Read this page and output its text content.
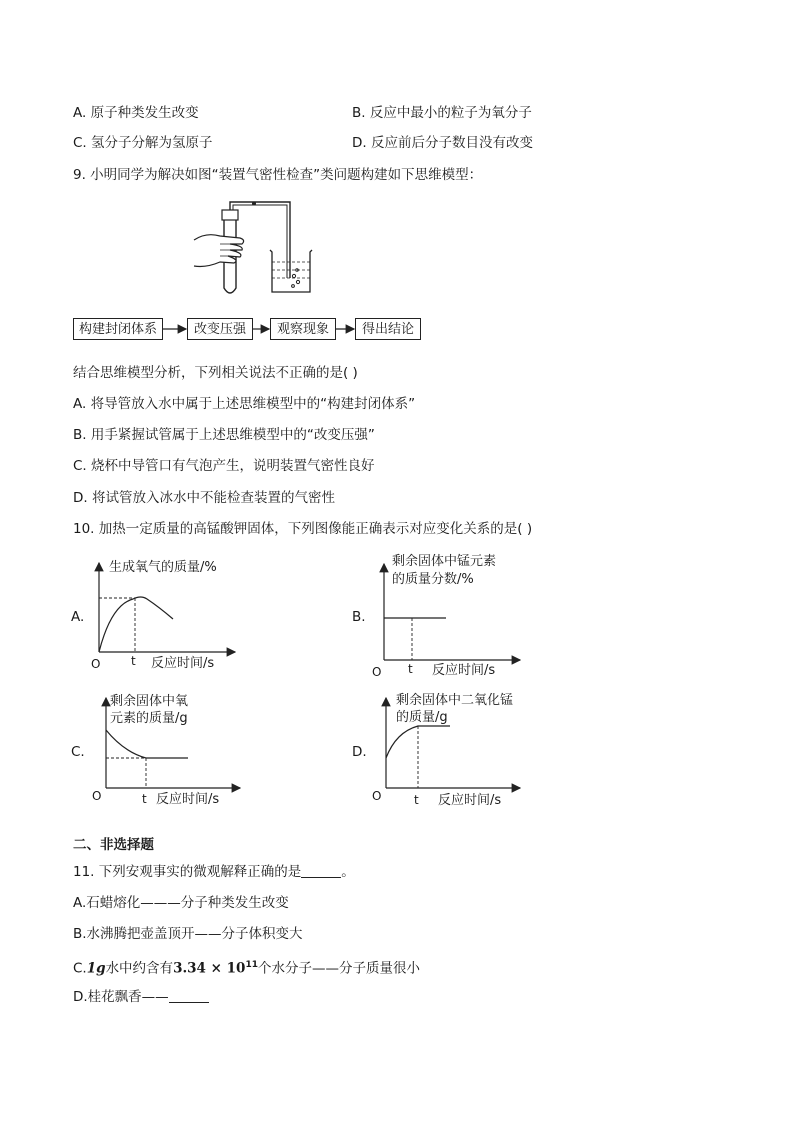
A. 原子种类发生改变	B. 反应中最小的粒子为氧分子
C. 氢分子分解为氢原子	D. 反应前后分子数目没有改变
9. 小明同学为解决如图“装置气密性检查”类问题构建如下思维模型：
构建封闭体系	改变压强	观察现象	得出结论
结合思维模型分析，下列相关说法不正确的是( )
A. 将导管放入水中属于上述思维模型中的“构建封闭体系”
B. 用手紧握试管属于上述思维模型中的“改变压强”
C. 烧杯中导管口有气泡产生，说明装置气密性良好
D. 将试管放入冰水中不能检查装置的气密性
10. 加热一定质量的高锰酸钾固体，下列图像能正确表示对应变化关系的是( )
A.
生成氧气的质量/%
O	t 反应时间/s
B.
剩余固体中锰元素
的质量分数/%
O t 反应时间/s
C.
剩余固体中氧
元素的质量/g
O	t 反应时间/s
D.
剩余固体中二氧化锰
的质量/g
O	t 反应时间/s
二、非选择题
11. 下列安观事实的微观解释正确的是	。
A.石蜡熔化———分子种类发生改变
B.水沸腾把壶盖顶开——分子体积变大
C.1g水中约含有$3.34 \times 10^{11}$个水分子——分子质量很小
D.桂花飘香——
